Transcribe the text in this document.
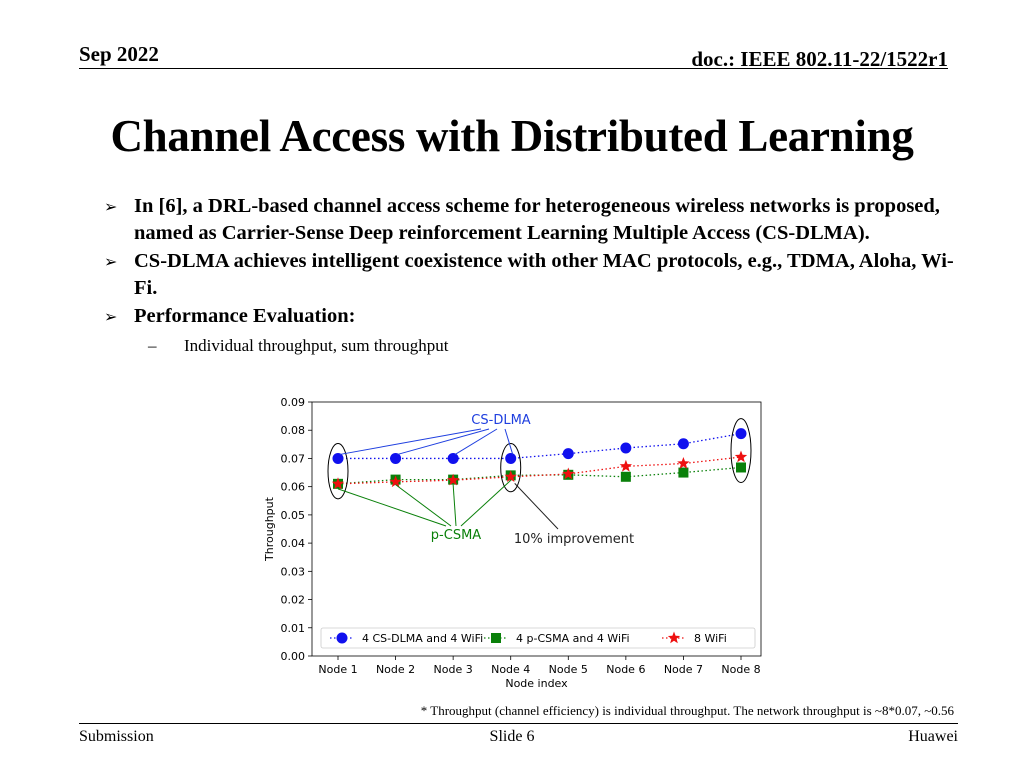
Sep 2022	doc.: IEEE 802.11-22/1522r1
Channel Access with Distributed Learning
➢ In [6], a DRL-based channel access scheme for heterogeneous wireless networks is proposed, named as Carrier-Sense Deep reinforcement Learning Multiple Access (CS-DLMA).
➢ CS-DLMA achieves intelligent coexistence with other MAC protocols, e.g., TDMA, Aloha, Wi-Fi.
➢ Performance Evaluation:
– Individual throughput, sum throughput
0.00
0.01
0.02
0.03
0.04
0.05
0.06
0.07
0.08
0.09
Node 1 Node 2 Node 3 Node 4 Node 5 Node 6 Node 7 Node 8
Node index
Throughput
CS-DLMA
p-CSMA	10% improvement
4 CS-DLMA and 4 WiFi	4 p-CSMA and 4 WiFi	8 WiFi
* Throughput (channel efficiency) is individual throughput. The network throughput is ~8*0.07, ~0.56
Submission	Slide 6	Huawei
